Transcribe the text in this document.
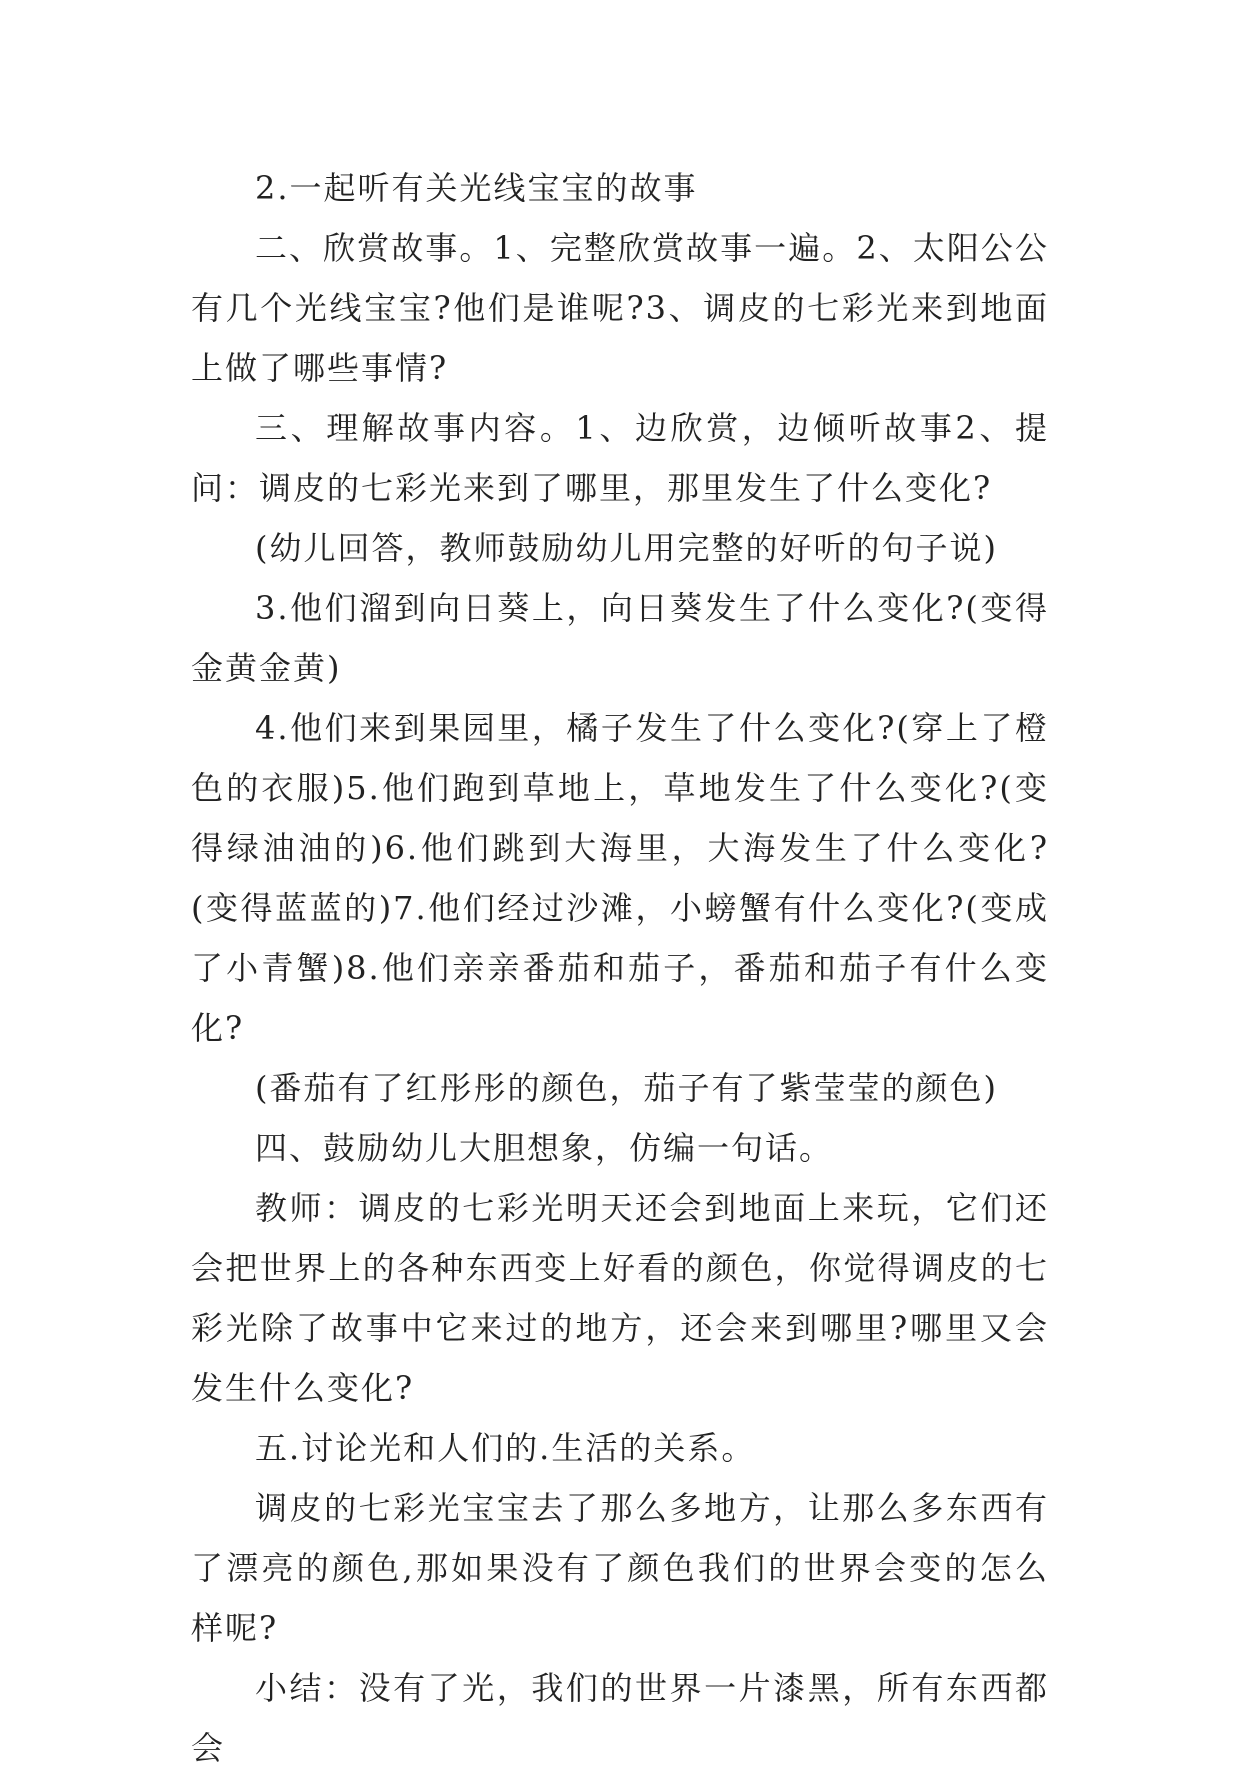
2.一起听有关光线宝宝的故事

二、欣赏故事。1、完整欣赏故事一遍。2、太阳公公有几个光线宝宝?他们是谁呢?3、调皮的七彩光来到地面上做了哪些事情?

三、理解故事内容。1、边欣赏，边倾听故事2、提问：调皮的七彩光来到了哪里，那里发生了什么变化?

(幼儿回答，教师鼓励幼儿用完整的好听的句子说)

3.他们溜到向日葵上，向日葵发生了什么变化?(变得金黄金黄)

4.他们来到果园里，橘子发生了什么变化?(穿上了橙色的衣服)5.他们跑到草地上，草地发生了什么变化?(变得绿油油的)6.他们跳到大海里，大海发生了什么变化?(变得蓝蓝的)7.他们经过沙滩，小螃蟹有什么变化?(变成了小青蟹)8.他们亲亲番茄和茄子，番茄和茄子有什么变化?

(番茄有了红彤彤的颜色，茄子有了紫莹莹的颜色)

四、鼓励幼儿大胆想象，仿编一句话。

教师：调皮的七彩光明天还会到地面上来玩，它们还会把世界上的各种东西变上好看的颜色，你觉得调皮的七彩光除了故事中它来过的地方，还会来到哪里?哪里又会发生什么变化?

五.讨论光和人们的.生活的关系。

调皮的七彩光宝宝去了那么多地方，让那么多东西有了漂亮的颜色,那如果没有了颜色我们的世界会变的怎么样呢?

小结：没有了光，我们的世界一片漆黑，所有东西都会
